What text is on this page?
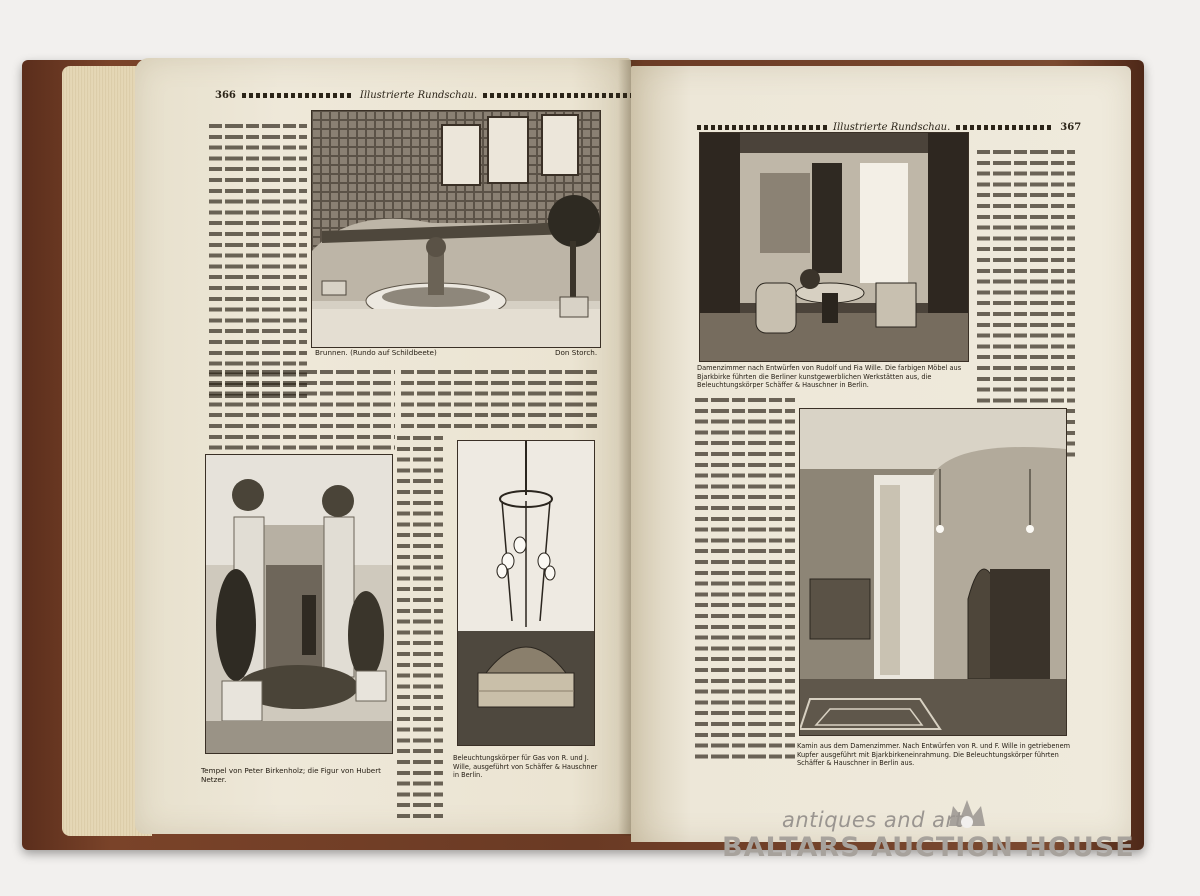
366	Illustrierte Rundschau.
Brunnen. (Rundo auf Schildbeete)	Don Storch.
Tempel von Peter Birkenholz; die Figur von Hubert Netzer.
Beleuchtungskörper für Gas von R. und J. Wille, ausgeführt von Schäffer & Hauschner in Berlin.
Illustrierte Rundschau.	367
Damenzimmer nach Entwürfen von Rudolf und Fia Wille. Die farbigen Möbel aus Bjarkbirke führten die Berliner kunstgewerblichen Werkstätten aus, die Beleuchtungskörper Schäffer & Hauschner in Berlin.
Kamin aus dem Damenzimmer. Nach Entwürfen von R. und F. Wille in getriebenem Kupfer ausgeführt mit Bjarkbirkeneinrahmung. Die Beleuchtungskörper führten Schäffer & Hauschner in Berlin aus.
antiques and art
BALTARS AUCTION HOUSE
